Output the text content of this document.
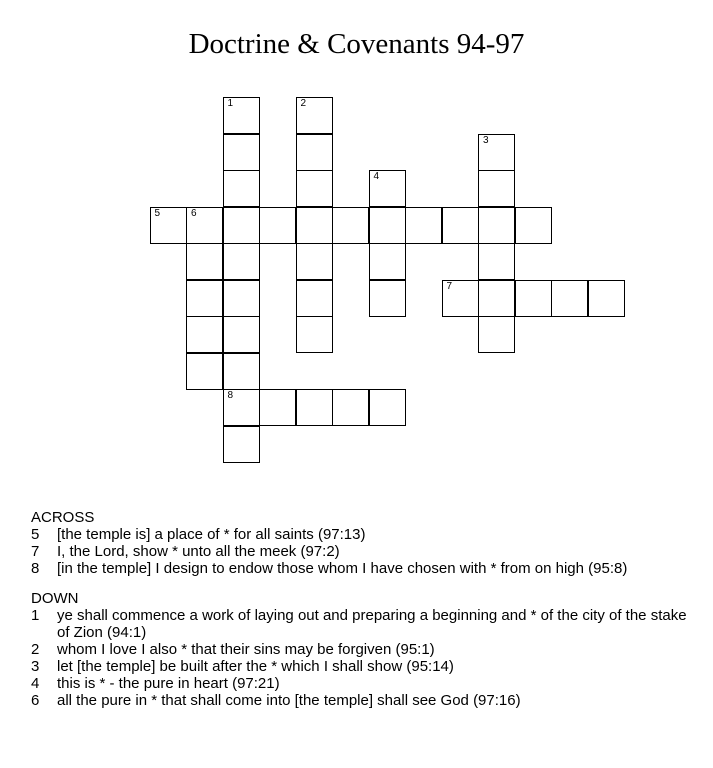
Doctrine & Covenants 94-97
1	2
3
4
5	6
7
8
ACROSS
5	[the temple is] a place of * for all saints (97:13)
7	I, the Lord, show * unto all the meek (97:2)
8	[in the temple] I design to endow those whom I have chosen with * from on high (95:8)
DOWN
1	ye shall commence a work of laying out and preparing a beginning and * of the city of the stake of Zion (94:1)
2	whom I love I also * that their sins may be forgiven (95:1)
3	let [the temple] be built after the * which I shall show (95:14)
4	this is * - the pure in heart (97:21)
6	all the pure in * that shall come into [the temple] shall see God (97:16)
